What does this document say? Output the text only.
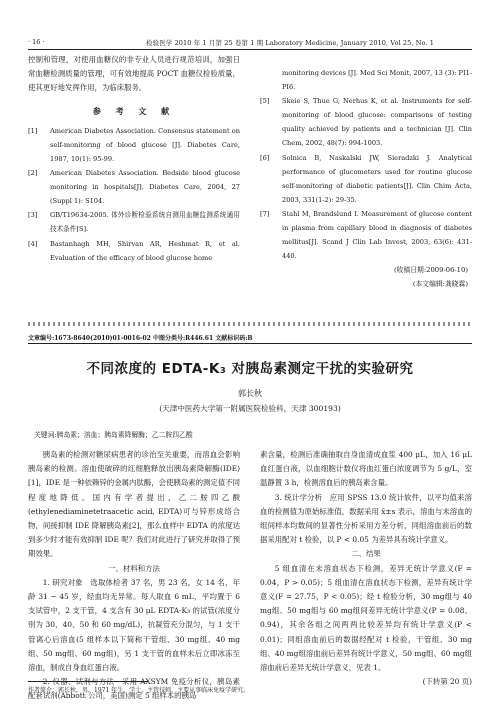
· 16 ·	检验医学 2010 年 1 月第 25 卷第 1 期 Laboratory Medicine, January 2010, Vol 25, No. 1

控制和管理，对使用血糖仪的非专业人员进行规范培训，加强日常血糖检测质量的管理，可有效地提高 POCT 血糖仪检验质量，使其更好地发挥作用，为临床服务。

参 考 文 献

[1] American Diabetes Association. Consensus statement on self-monitoring of blood glucose [J]. Diabetes Care, 1987, 10(1): 95-99.

[2] American Diabetes Association. Bedside blood glucose monitoring in hospitals[J]. Diabetes Care, 2004, 27 (Suppl 1): S104.

[3] GB/T19634-2005. 体外诊断检验系统自测用血糖监测系统通用技术条件[S].

[4] Bastanhagh MH, Shirvan AR, Heshmat R, et al. Evaluation of the efficacy of blood glucose home

monitoring devices [J]. Med Sci Monit, 2007, 13 (3): PI1-PI6.

[5] Skeie S, Thue G, Nerhus K, et al. Instruments for self-monitoring of blood glucose: comparisons of testing quality achieved by patients and a technician [J]. Clin Chem, 2002, 48(7): 994-1003.

[6] Solnica B, Naskalski JW, Sieradzki J. Analytical performance of glucometers used for routine glucose self-monitoring of diabetic patients[J]. Clin Chim Acta, 2003, 331(1-2): 29-35.

[7] Stahl M, Brandslund I. Measurement of glucose content in plasma from capillary blood in diagnosis of diabetes mellitus[J]. Scand J Clin Lab Invest, 2003, 63(6): 431-440.

(收稿日期:2009-06-10)
(本文编辑:龚晓霖)
文章编号:1673-8640(2010)01-0016-02 中图分类号:R446.61 文献标识码:B
不同浓度的 EDTA-K₃ 对胰岛素测定干扰的实验研究
郭长秋
(天津中医药大学第一附属医院检验科，天津 300193)
关键词:胰岛素；溶血；胰岛素降解酶；乙二胺四乙酸

胰岛素的检测对糖尿病患者的诊治至关重要，而溶血会影响胰岛素的检测。溶血使破碎的红细胞释放出胰岛素降解酶(IDE)[1]，IDE 是一种依赖锌的金属内肽酶，会使胰岛素的测定值不同程度地降低。国内有学者提出，乙二胺四乙酸(ethylenediaminetetraacetic acid, EDTA)可与锌形成络合物，间接抑制 IDE 降解胰岛素[2]，那么血样中 EDTA 的浓度达到多少时才能有效抑制 IDE 呢？我们对此进行了研究并取得了预期效果。

一、材料和方法

1. 研究对象　选取体检者 37 名，男 23 名，女 14 名，年龄 31 ~ 45 岁，经血均无异常。每人取血 6 mL，平均置于 6 支试管中，2 支干管，4 支含有 30 μL EDTA-K₃ 的试管(浓度分别为 30、40、50 和 60 mg/dL)，抗凝管充分混匀，与 1 支干管离心后溶血(5 组样本以下简称干管组、30 mg组、40 mg组、50 mg组、60 mg组)，另 1 支干管的血样未后立即冰冻至溶血，制成自身血红蛋白液。

2. 仪器、试剂与方法　采用 AXSYM 免疫分析仪，胰岛素配套试剂(Abbott 公司，美国)测定 5 组样本的胰岛

素含量，检测后准确抽取自身血清成血浆 400 μL，加入 16 μL 血红蛋白液，以血细胞计数仪将血红蛋白浓度调节为 5 g/L，室温静置 3 h，检测溶血后的胰岛素含量。

3. 统计学分析　应用 SPSS 13.0 统计软件，以平均值来溶血的检测值为原始标准值，数据采用 x̄±s 表示，溶血与未溶血的组间样本均数间的显著性分析采用方差分析，同组溶血前后的数据采用配对 t 检验，以 P < 0.05 为差异具有统计学意义。

二、结果

5 组血清在未溶血状态下检测，差异无统计学意义(F = 0.04，P > 0.05)；5 组血清在溶血状态下检测，差异有统计学意义(F = 27.75，P < 0.05)；经 t 检验分析，30 mg组与 40 mg组、50 mg组与 60 mg组间差异无统计学意义(P = 0.08、0.94)，其余各组之间两两比较差异均有统计学意义(P < 0.01)；同组溶血前后的数据经配对 t 检验，干管组、30 mg组、40 mg组溶血前后差异有统计学意义，50 mg组、60 mg组溶血前后差异无统计学意义，见表 1。

(下转第 20 页)

作者简介：郭长秋，男，1971 年生，学士，主管技师，主要从事临床免疫学研究。
